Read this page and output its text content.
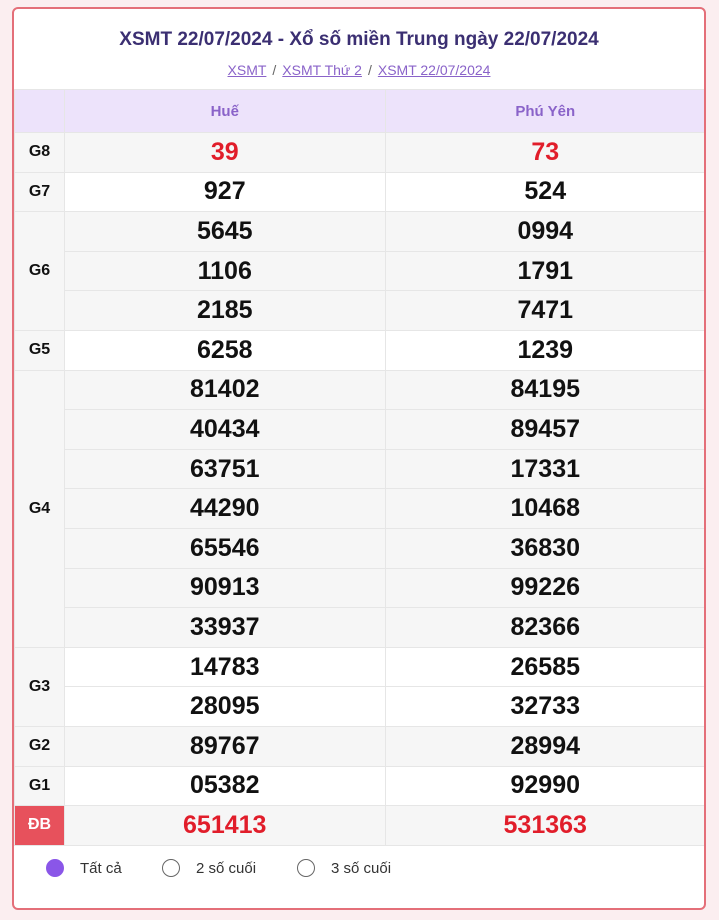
XSMT 22/07/2024 - Xổ số miền Trung ngày 22/07/2024
XSMT / XSMT Thứ 2 / XSMT 22/07/2024
	Huế	Phú Yên
G8	39	73
G7	927	524
G6	5645	0994
	1106	1791
	2185	7471
G5	6258	1239
G4	81402	84195
	40434	89457
	63751	17331
	44290	10468
	65546	36830
	90913	99226
	33937	82366
G3	14783	26585
	28095	32733
G2	89767	28994
G1	05382	92990
ĐB	651413	531363
Tất cả	2 số cuối	3 số cuối
